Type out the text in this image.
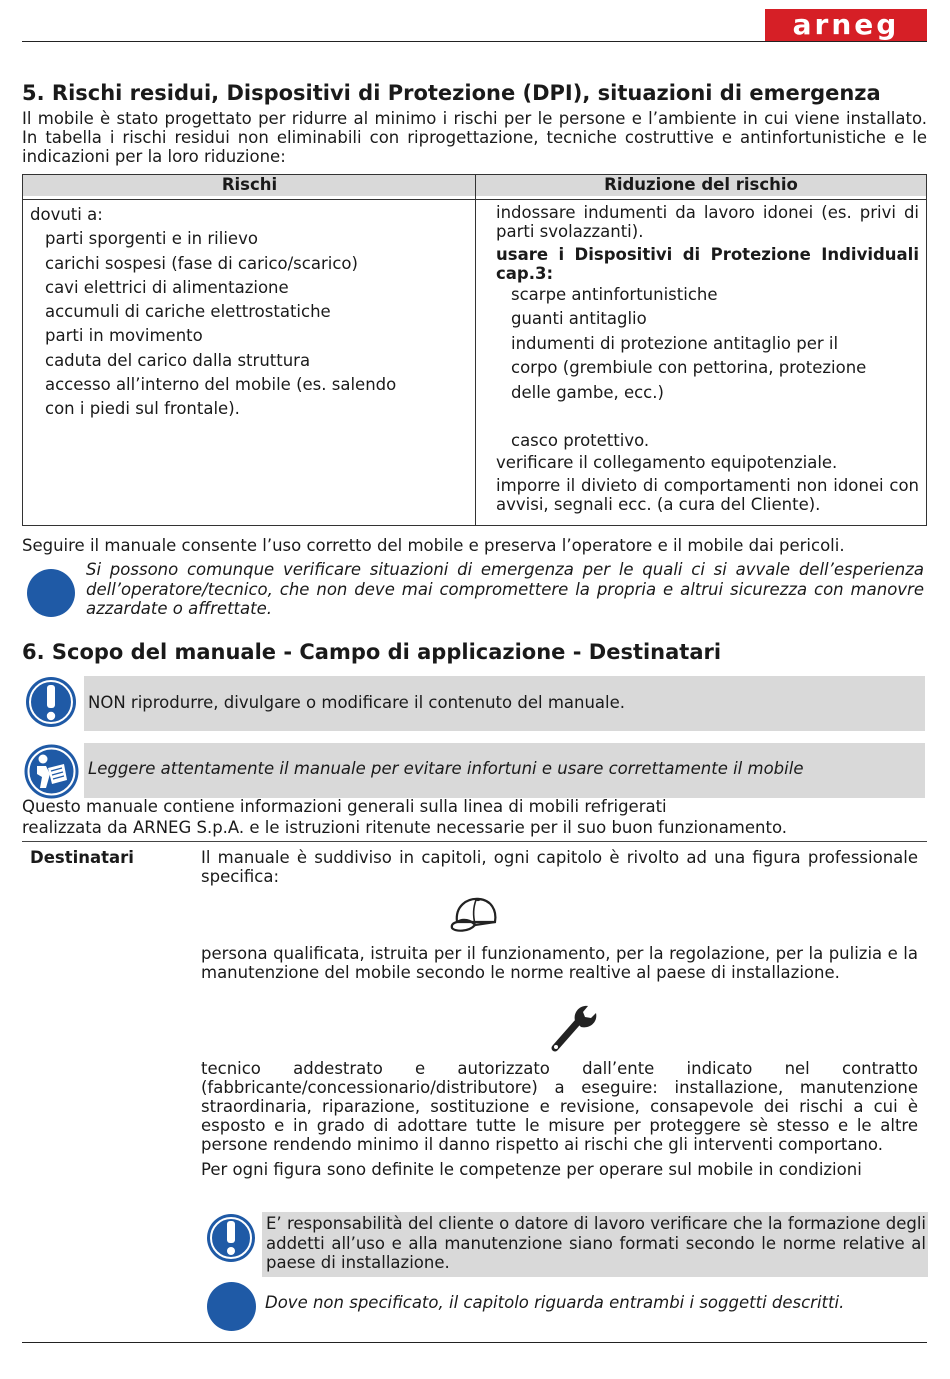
arneg
5. Rischi residui, Dispositivi di Protezione (DPI), situazioni di emergenza
Il mobile è stato progettato per ridurre al minimo i rischi per le persone e l’ambiente in cui viene installato. In tabella i rischi residui non eliminabili con riprogettazione, tecniche costruttive e antinfortunistiche e le indicazioni per la loro riduzione:
Rischi	Riduzione del rischio
dovuti a:
parti sporgenti e in rilievo
carichi sospesi (fase di carico/scarico)
cavi elettrici di alimentazione
accumuli di cariche elettrostatiche
parti in movimento
caduta del carico dalla struttura
accesso all’interno del mobile (es. salendo
con i piedi sul frontale).
indossare indumenti da lavoro idonei (es. privi di parti svolazzanti).
usare i Dispositivi di Protezione Individuali cap.3:
scarpe antinfortunistiche
guanti antitaglio
indumenti di protezione antitaglio per il
corpo (grembiule con pettorina, protezione
delle gambe, ecc.)
casco protettivo.
verificare il collegamento equipotenziale.
imporre il divieto di comportamenti non idonei con avvisi, segnali ecc. (a cura del Cliente).
Seguire il manuale consente l’uso corretto del mobile e preserva l’operatore e il mobile dai pericoli.
Si possono comunque verificare situazioni di emergenza per le quali ci si avvale dell’esperienza dell’operatore/tecnico, che non deve mai compromettere la propria e altrui sicurezza con manovre azzardate o affrettate.
6. Scopo del manuale - Campo di applicazione - Destinatari
NON riprodurre, divulgare o modificare il contenuto del manuale.
Leggere attentamente il manuale per evitare infortuni e usare correttamente il mobile
Questo manuale contiene informazioni generali sulla linea di mobili refrigerati
realizzata da ARNEG S.p.A. e le istruzioni ritenute necessarie per il suo buon funzionamento.
Destinatari	Il manuale è suddiviso in capitoli, ogni capitolo è rivolto ad una figura professionale specifica:
persona qualificata, istruita per il funzionamento, per la regolazione, per la pulizia e la manutenzione del mobile secondo le norme realtive al paese di installazione.
tecnico addestrato e autorizzato dall’ente indicato nel contratto (fabbricante/concessionario/distributore) a eseguire: installazione, manutenzione straordinaria, riparazione, sostituzione e revisione, consapevole dei rischi a cui è esposto e in grado di adottare tutte le misure per proteggere sè stesso e le altre persone rendendo minimo il danno rispetto ai rischi che gli interventi comportano.
Per ogni figura sono definite le competenze per operare sul mobile in condizioni
E’ responsabilità del cliente o datore di lavoro verificare che la formazione degli addetti all’uso e alla manutenzione siano formati secondo le norme relative al paese di installazione.
Dove non specificato, il capitolo riguarda entrambi i soggetti descritti.
